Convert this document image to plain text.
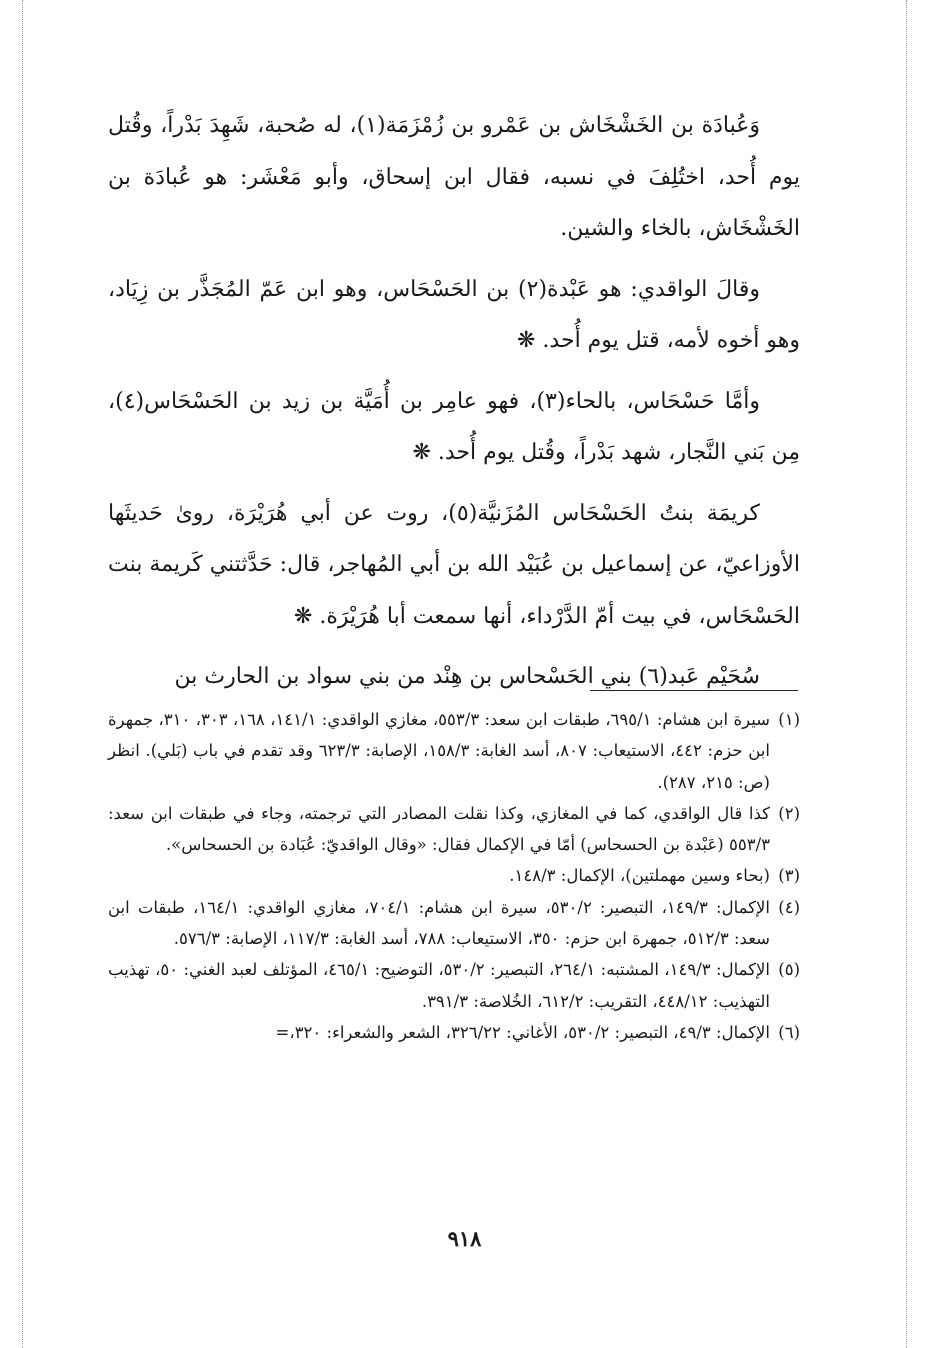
وَعُبادَة بن الخَشْخَاش بن عَمْرو بن زُمْزَمَة(١)، له صُحبة، شَهِدَ بَدْراً، وقُتل يوم أُحد، اختُلِفَ في نسبه، فقال ابن إسحاق، وأبو مَعْشَر: هو عُبادَة بن الخَشْخَاش، بالخاء والشين.

وقالَ الواقدي: هو عَبْدة(٢) بن الحَسْحَاس، وهو ابن عَمّ المُجَذَّر بن زِيَاد، وهو أخوه لأمه، قتل يوم أُحد. ❋

وأمَّا حَسْحَاس، بالحاء(٣)، فهو عامِر بن أُمَيَّة بن زيد بن الحَسْحَاس(٤)، مِن بَني النَّجار، شهد بَدْراً، وقُتل يوم أُحد. ❋

كريمَة بنتُ الحَسْحَاس المُزَنيَّة(٥)، روت عن أبي هُرَيْرَة، روىٰ حَديثَها الأوزاعيّ، عن إسماعيل بن عُبَيْد الله بن أبي المُهاجر، قال: حَدَّثتني كَريمة بنت الحَسْحَاس، في بيت أمّ الدَّرْداء، أنها سمعت أبا هُرَيْرَة. ❋

سُحَيْم عَبد(٦) بني الحَسْحاس بن هِنْد من بني سواد بن الحارث بن

(١)
سيرة ابن هشام: ٦٩٥/١، طبقات ابن سعد: ٥٥٣/٣، مغازي الواقدي: ١٤١/١، ١٦٨، ٣٠٣، ٣١٠، جمهرة ابن حزم: ٤٤٢، الاستيعاب: ٨٠٧، أسد الغابة: ١٥٨/٣، الإصابة: ٦٢٣/٣ وقد تقدم في باب (بَلي). انظر (ص: ٢١٥، ٢٨٧).
(٢)
كذا قال الواقدي، كما في المغازي، وكذا نقلت المصادر التي ترجمته، وجاء في طبقات ابن سعد: ٥٥٣/٣ (عَبْدة بن الحسحاس) أمّا في الإكمال فقال: «وقال الواقديّ: عُبَادة بن الحسحاس».
(٣)
(بحاء وسين مهملتين)، الإكمال: ١٤٨/٣.
(٤)
الإكمال: ١٤٩/٣، التبصير: ٥٣٠/٢، سيرة ابن هشام: ٧٠٤/١، مغازي الواقدي: ١٦٤/١، طبقات ابن سعد: ٥١٢/٣، جمهرة ابن حزم: ٣٥٠، الاستيعاب: ٧٨٨، أسد الغابة: ١١٧/٣، الإصابة: ٥٧٦/٣.
(٥)
الإكمال: ١٤٩/٣، المشتبه: ٢٦٤/١، التبصير: ٥٣٠/٢، التوضيح: ٤٦٥/١، المؤتلف لعبد الغني: ٥٠، تهذيب التهذيب: ٤٤٨/١٢، التقريب: ٦١٢/٢، الخُلاصة: ٣٩١/٣.
(٦)
الإكمال: ٤٩/٣، التبصير: ٥٣٠/٢، الأغاني: ٣٢٦/٢٢، الشعر والشعراء: ٣٢٠،=
٩١٨
